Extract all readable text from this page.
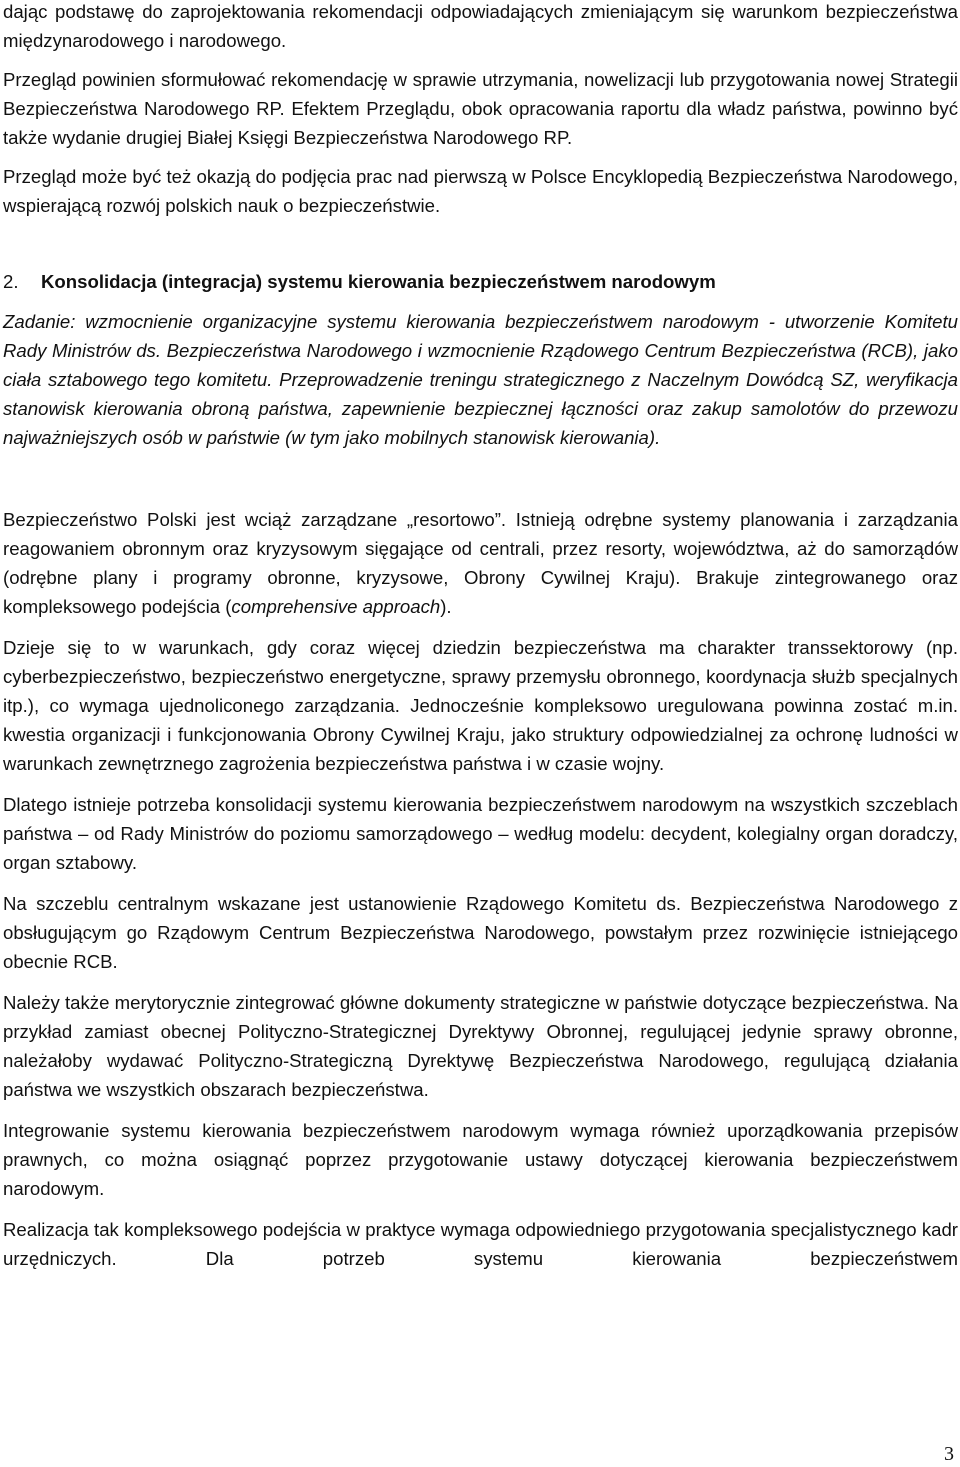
dając podstawę do zaprojektowania rekomendacji odpowiadających zmieniającym się warunkom bezpieczeństwa międzynarodowego i narodowego.

Przegląd powinien sformułować rekomendację w sprawie utrzymania, nowelizacji lub przygotowania nowej Strategii Bezpieczeństwa Narodowego RP. Efektem Przeglądu, obok opracowania raportu dla władz państwa, powinno być także wydanie drugiej Białej Księgi Bezpieczeństwa Narodowego RP.

Przegląd może być też okazją do podjęcia prac nad pierwszą w Polsce Encyklopedią Bezpieczeństwa Narodowego, wspierającą rozwój polskich nauk o bezpieczeństwie.

2.	Konsolidacja (integracja) systemu kierowania bezpieczeństwem narodowym

Zadanie: wzmocnienie organizacyjne systemu kierowania bezpieczeństwem narodowym - utworzenie Komitetu Rady Ministrów ds. Bezpieczeństwa Narodowego i wzmocnienie Rządowego Centrum Bezpieczeństwa (RCB), jako ciała sztabowego tego komitetu. Przeprowadzenie treningu strategicznego z Naczelnym Dowódcą SZ, weryfikacja stanowisk kierowania obroną państwa, zapewnienie bezpiecznej łączności oraz zakup samolotów do przewozu najważniejszych osób w państwie (w tym jako mobilnych stanowisk kierowania).

Bezpieczeństwo Polski jest wciąż zarządzane „resortowo”. Istnieją odrębne systemy planowania i zarządzania reagowaniem obronnym oraz kryzysowym sięgające od centrali, przez resorty, województwa, aż do samorządów (odrębne plany i programy obronne, kryzysowe, Obrony Cywilnej Kraju). Brakuje zintegrowanego oraz kompleksowego podejścia (comprehensive approach).

Dzieje się to w warunkach, gdy coraz więcej dziedzin bezpieczeństwa ma charakter transsektorowy (np. cyberbezpieczeństwo, bezpieczeństwo energetyczne, sprawy przemysłu obronnego, koordynacja służb specjalnych itp.), co wymaga ujednoliconego zarządzania. Jednocześnie kompleksowo uregulowana powinna zostać m.in. kwestia organizacji i funkcjonowania Obrony Cywilnej Kraju, jako struktury odpowiedzialnej za ochronę ludności w warunkach zewnętrznego zagrożenia bezpieczeństwa państwa i w czasie wojny.

Dlatego istnieje potrzeba konsolidacji systemu kierowania bezpieczeństwem narodowym na wszystkich szczeblach państwa – od Rady Ministrów do poziomu samorządowego – według modelu: decydent, kolegialny organ doradczy, organ sztabowy.

Na szczeblu centralnym wskazane jest ustanowienie Rządowego Komitetu ds. Bezpieczeństwa Narodowego z obsługującym go Rządowym Centrum Bezpieczeństwa Narodowego, powstałym przez rozwinięcie istniejącego obecnie RCB.

Należy także merytorycznie zintegrować główne dokumenty strategiczne w państwie dotyczące bezpieczeństwa. Na przykład zamiast obecnej Polityczno-Strategicznej Dyrektywy Obronnej, regulującej jedynie sprawy obronne, należałoby wydawać Polityczno-Strategiczną Dyrektywę Bezpieczeństwa Narodowego, regulującą działania państwa we wszystkich obszarach bezpieczeństwa.

Integrowanie systemu kierowania bezpieczeństwem narodowym wymaga również uporządkowania przepisów prawnych, co można osiągnąć poprzez przygotowanie ustawy dotyczącej kierowania bezpieczeństwem narodowym.

Realizacja tak kompleksowego podejścia w praktyce wymaga odpowiedniego przygotowania specjalistycznego kadr urzędniczych. Dla potrzeb systemu kierowania bezpieczeństwem

3
